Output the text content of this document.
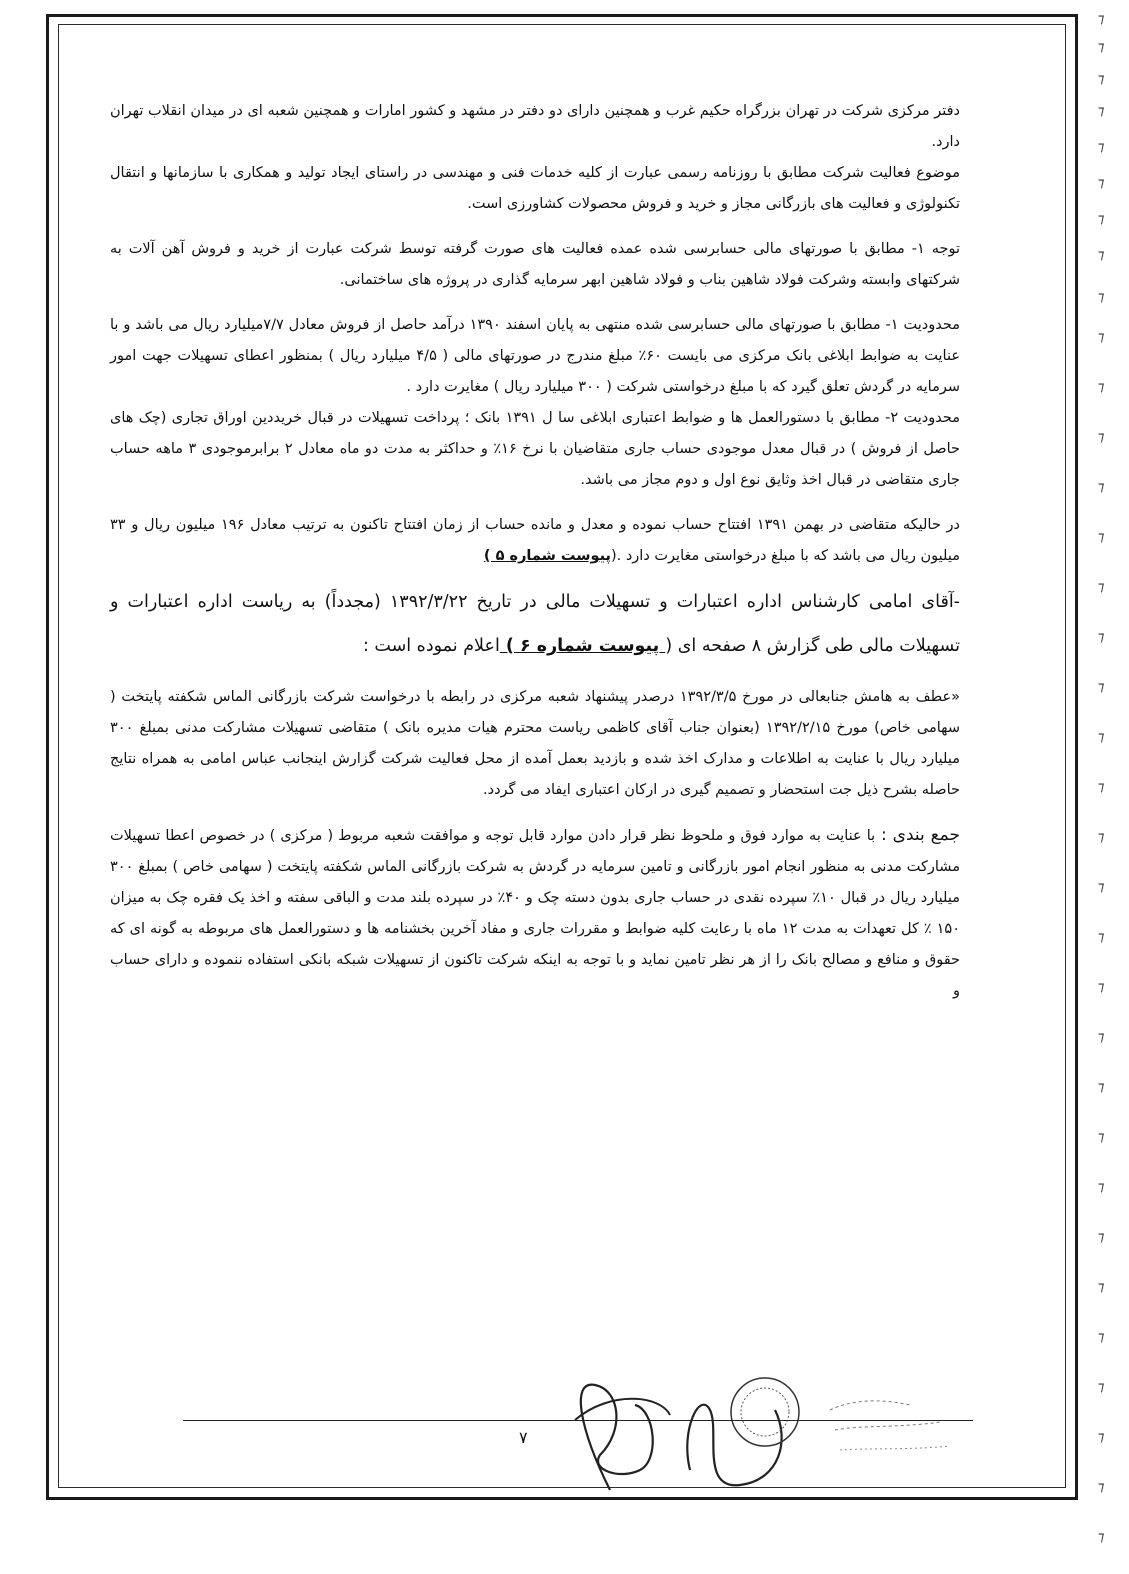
دفتر مرکزی شرکت در تهران بزرگراه حکیم غرب و همچنین دارای دو دفتر در مشهد و کشور امارات و همچنین شعبه ای در میدان انقلاب تهران دارد.

موضوع فعالیت شرکت مطابق با روزنامه رسمی عبارت از کلیه خدمات فنی و مهندسی در راستای ایجاد تولید و همکاری با سازمانها و انتقال تکنولوژی و فعالیت های بازرگانی مجاز و خرید و فروش محصولات کشاورزی است.

توجه ۱- مطابق با صورتهای مالی حسابرسی شده عمده فعالیت های صورت گرفته توسط شرکت عبارت از خرید و فروش آهن آلات به شرکتهای وابسته وشرکت فولاد شاهین بناب و فولاد شاهین ابهر سرمایه گذاری در پروژه های ساختمانی.

محدودیت ۱- مطابق با صورتهای مالی حسابرسی شده منتهی به پایان اسفند ۱۳۹۰ درآمد حاصل از فروش معادل ۷/۷میلیارد ریال می باشد و با عنایت به ضوابط ابلاغی بانک مرکزی می بایست ۶۰٪ مبلغ مندرج در صورتهای مالی ( ۴/۵ میلیارد ریال ) بمنظور اعطای تسهیلات جهت امور سرمایه در گردش تعلق گیرد که با مبلغ درخواستی شرکت ( ۳۰۰ میلیارد ریال ) مغایرت دارد .

محدودیت ۲- مطابق با دستورالعمل ها و ضوابط اعتباری ابلاغی سا ل ۱۳۹۱ بانک ؛ پرداخت تسهیلات در قبال خریددین اوراق تجاری (چک های حاصل از فروش ) در قبال معدل موجودی حساب جاری متقاضیان با نرخ ۱۶٪ و حداکثر به مدت دو ماه معادل ۲ برابرموجودی ۳ ماهه حساب جاری متقاضی در قبال اخذ وثایق نوع اول و دوم مجاز می باشد.

در حالیکه متقاضی در بهمن ۱۳۹۱ افتتاح حساب نموده و معدل و مانده حساب از زمان افتتاح تاکنون به ترتیب معادل ۱۹۶ میلیون ریال و ۳۳ میلیون ریال می باشد که با مبلغ درخواستی مغایرت دارد .(پیوست شماره ۵ )

-آقای امامی کارشناس اداره اعتبارات و تسهیلات مالی در تاریخ ۱۳۹۲/۳/۲۲ (مجدداً) به ریاست اداره اعتبارات و تسهیلات مالی طی گزارش ۸ صفحه ای ( پیوست شماره ۶ ) اعلام نموده است :

«عطف به هامش جنابعالی در مورخ ۱۳۹۲/۳/۵ درصدر پیشنهاد شعبه مرکزی در رابطه با درخواست شرکت بازرگانی الماس شکفته پایتخت ( سهامی خاص) مورخ ۱۳۹۲/۲/۱۵ (بعنوان جناب آقای کاظمی ریاست محترم هیات مدیره بانک ) متقاضی تسهیلات مشارکت مدنی بمبلغ ۳۰۰ میلیارد ریال با عنایت به اطلاعات و مدارک اخذ شده و بازدید بعمل آمده از محل فعالیت شرکت گزارش اینجانب عباس امامی به همراه نتایج حاصله بشرح ذیل جت استحضار و تصمیم گیری در ارکان اعتباری ایفاد می گردد.

جمع بندی : با عنایت به موارد فوق و ملحوظ نظر قرار دادن موارد قابل توجه و موافقت شعبه مربوط ( مرکزی ) در خصوص اعطا تسهیلات مشارکت مدنی به منظور انجام امور بازرگانی و تامین سرمایه در گردش به شرکت بازرگانی الماس شکفته پایتخت ( سهامی خاص ) بمبلغ ۳۰۰ میلیارد ریال در قبال ۱۰٪ سپرده نقدی در حساب جاری بدون دسته چک و ۴۰٪ در سپرده بلند مدت و الباقی سفته و اخذ یک فقره چک به میزان ۱۵۰ ٪ کل تعهدات به مدت ۱۲ ماه با رعایت کلیه ضوابط و مقررات جاری و مفاد آخرین بخشنامه ها و دستورالعمل های مربوطه به گونه ای که حقوق و منافع و مصالح بانک را از هر نظر تامین نماید و با توجه به اینکه شرکت تاکنون از تسهیلات شبکه بانکی استفاده ننموده و دارای حساب و

۷
⁊
⁊
⁊
⁊
⁊
⁊
⁊
⁊
⁊
⁊
⁊
⁊
⁊
⁊
⁊
⁊
⁊
⁊
⁊
⁊
⁊
⁊
⁊
⁊
⁊
⁊
⁊
⁊
⁊
⁊
⁊
⁊
⁊
⁊
